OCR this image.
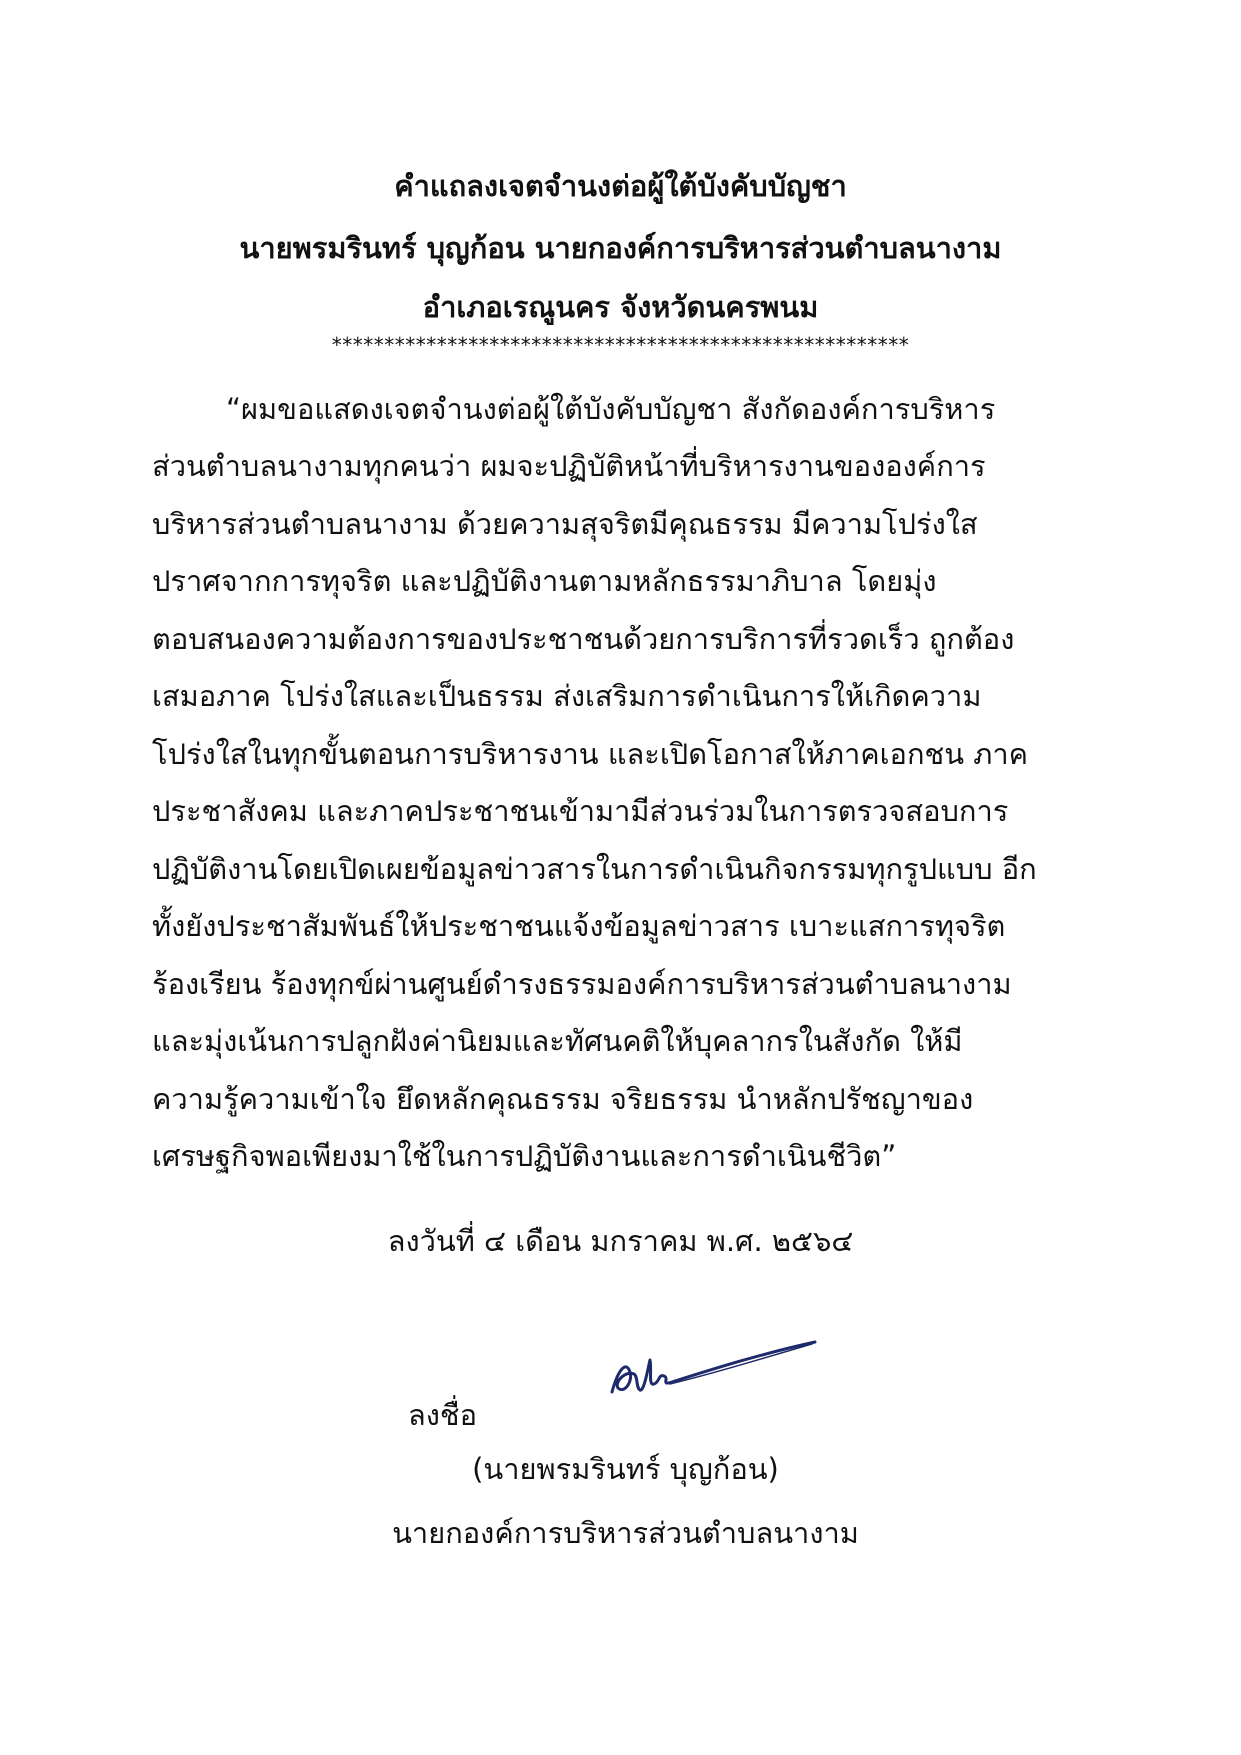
คำแถลงเจตจำนงต่อผู้ใต้บังคับบัญชา
นายพรมรินทร์ บุญก้อน นายกองค์การบริหารส่วนตำบลนางาม
อำเภอเรณูนคร จังหวัดนครพนม
*******************************************************
“ผมขอแสดงเจตจำนงต่อผู้ใต้บังคับบัญชา สังกัดองค์การบริหาร
ส่วนตำบลนางามทุกคนว่า ผมจะปฏิบัติหน้าที่บริหารงานขององค์การ
บริหารส่วนตำบลนางาม ด้วยความสุจริตมีคุณธรรม มีความโปร่งใส
ปราศจากการทุจริต และปฏิบัติงานตามหลักธรรมาภิบาล โดยมุ่ง
ตอบสนองความต้องการของประชาชนด้วยการบริการที่รวดเร็ว ถูกต้อง
เสมอภาค โปร่งใสและเป็นธรรม ส่งเสริมการดำเนินการให้เกิดความ
โปร่งใสในทุกขั้นตอนการบริหารงาน และเปิดโอกาสให้ภาคเอกชน ภาค
ประชาสังคม และภาคประชาชนเข้ามามีส่วนร่วมในการตรวจสอบการ
ปฏิบัติงานโดยเปิดเผยข้อมูลข่าวสารในการดำเนินกิจกรรมทุกรูปแบบ อีก
ทั้งยังประชาสัมพันธ์ให้ประชาชนแจ้งข้อมูลข่าวสาร เบาะแสการทุจริต
ร้องเรียน ร้องทุกข์ผ่านศูนย์ดำรงธรรมองค์การบริหารส่วนตำบลนางาม
และมุ่งเน้นการปลูกฝังค่านิยมและทัศนคติให้บุคลากรในสังกัด ให้มี
ความรู้ความเข้าใจ ยึดหลักคุณธรรม จริยธรรม นำหลักปรัชญาของ
เศรษฐกิจพอเพียงมาใช้ในการปฏิบัติงานและการดำเนินชีวิต”
ลงวันที่ ๔ เดือน มกราคม พ.ศ. ๒๕๖๔
ลงชื่อ
(นายพรมรินทร์ บุญก้อน)
นายกองค์การบริหารส่วนตำบลนางาม
